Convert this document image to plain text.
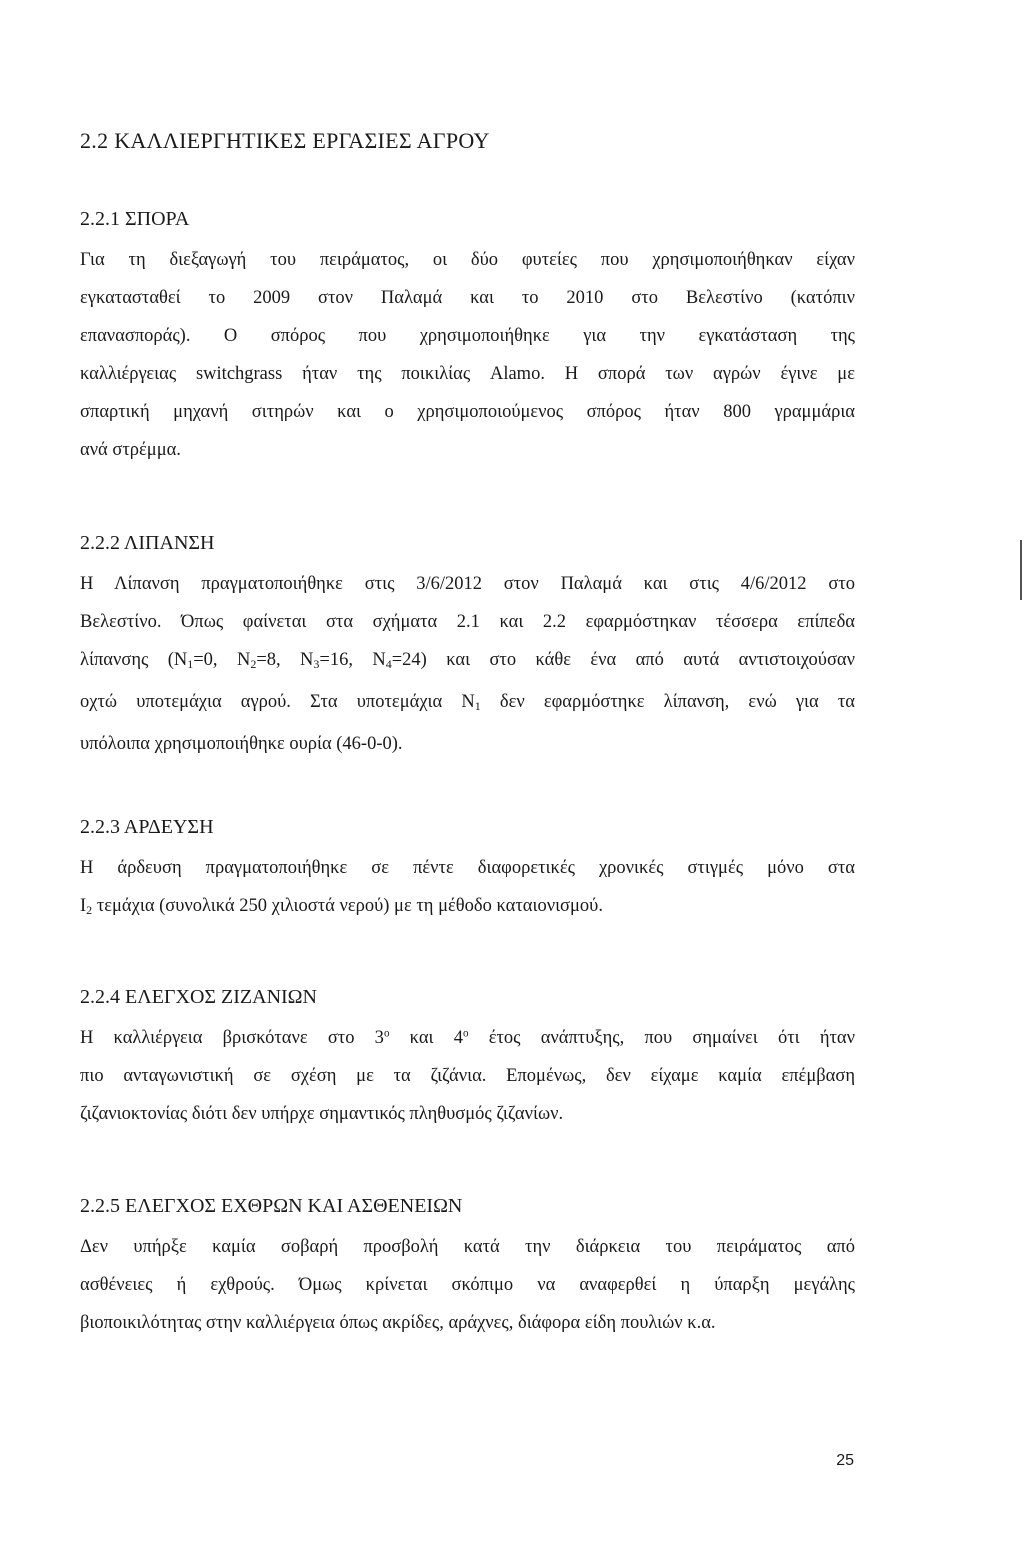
2.2 ΚΑΛΛΙΕΡΓΗΤΙΚΕΣ ΕΡΓΑΣΙΕΣ ΑΓΡΟΥ
2.2.1 ΣΠΟΡΑ

Για τη διεξαγωγή του πειράματος, οι δύο φυτείες που χρησιμοποιήθηκαν είχαν
εγκατασταθεί το 2009 στον Παλαμά και το 2010 στο Βελεστίνο (κατόπιν
επανασποράς). Ο σπόρος που χρησιμοποιήθηκε για την εγκατάσταση της
καλλιέργειας switchgrass ήταν της ποικιλίας Alamo. Η σπορά των αγρών έγινε με
σπαρτική μηχανή σιτηρών και ο χρησιμοποιούμενος σπόρος ήταν 800 γραμμάρια
ανά στρέμμα.

2.2.2 ΛΙΠΑΝΣΗ

Η Λίπανση πραγματοποιήθηκε στις 3/6/2012 στον Παλαμά και στις 4/6/2012 στο
Βελεστίνο. Όπως φαίνεται στα σχήματα 2.1 και 2.2 εφαρμόστηκαν τέσσερα επίπεδα
λίπανσης ($N_1=0$, $N_2=8$, $N_3=16$, $N_4=24$) και στο κάθε ένα από αυτά αντιστοιχούσαν
οχτώ υποτεμάχια αγρού. Στα υποτεμάχια $N_1$ δεν εφαρμόστηκε λίπανση, ενώ για τα
υπόλοιπα χρησιμοποιήθηκε ουρία (46-0-0).

2.2.3 ΑΡΔΕΥΣΗ

Η άρδευση πραγματοποιήθηκε σε πέντε διαφορετικές χρονικές στιγμές μόνο στα
$I_2$ τεμάχια (συνολικά 250 χιλιοστά νερού) με τη μέθοδο καταιονισμού.

2.2.4 ΕΛΕΓΧΟΣ ΖΙΖΑΝΙΩΝ

Η καλλιέργεια βρισκότανε στο $3^o$ και $4^o$ έτος ανάπτυξης, που σημαίνει ότι ήταν
πιο ανταγωνιστική σε σχέση με τα ζιζάνια. Επομένως, δεν είχαμε καμία επέμβαση
ζιζανιοκτονίας διότι δεν υπήρχε σημαντικός πληθυσμός ζιζανίων.

2.2.5 ΕΛΕΓΧΟΣ ΕΧΘΡΩΝ ΚΑΙ ΑΣΘΕΝΕΙΩΝ

Δεν υπήρξε καμία σοβαρή προσβολή κατά την διάρκεια του πειράματος από
ασθένειες ή εχθρούς. Όμως κρίνεται σκόπιμο να αναφερθεί η ύπαρξη μεγάλης
βιοποικιλότητας στην καλλιέργεια όπως ακρίδες, αράχνες, διάφορα είδη πουλιών κ.α.

25
